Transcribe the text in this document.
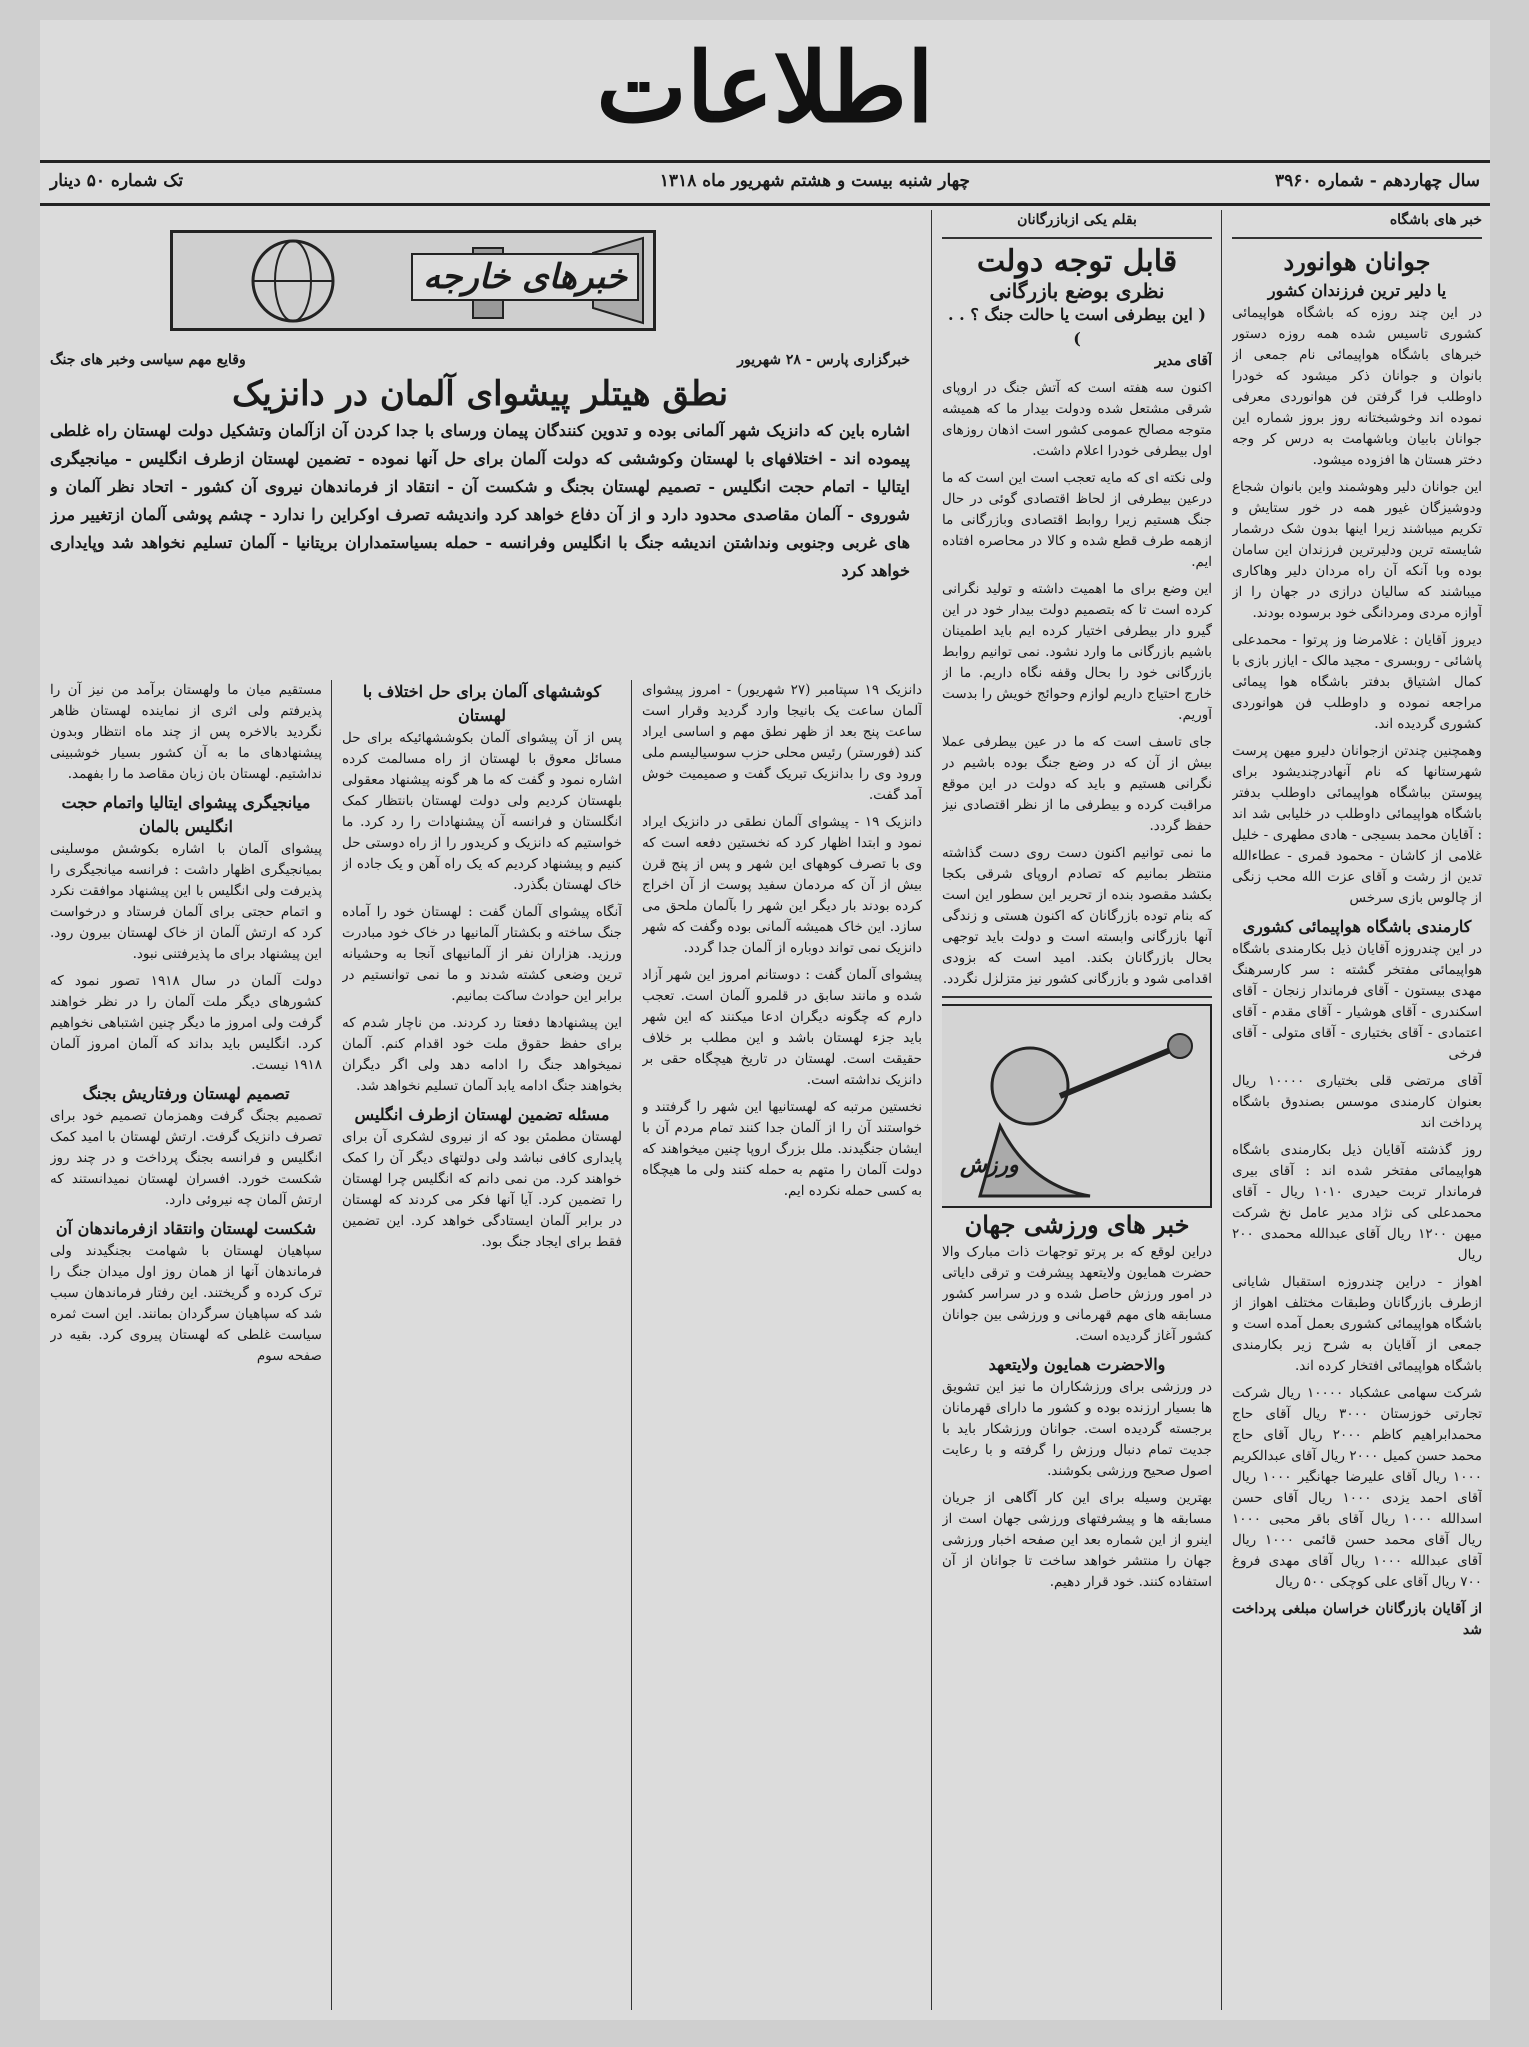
اطلاعات
سال چهاردهم - شماره ۳۹۶۰
چهار شنبه بیست و هشتم شهریور ماه ۱۳۱۸
تک شماره ۵۰ دینار
خبر های باشگاه
جوانان هوانورد
یا دلیر ترین فرزندان کشور

در این چند روزه که باشگاه هواپیمائی کشوری تاسیس شده همه روزه دستور خبرهای باشگاه هواپیمائی نام جمعی از بانوان و جوانان ذکر میشود که خودرا داوطلب فرا گرفتن فن هوانوردی معرفی نموده اند وخوشبختانه روز بروز شماره این جوانان بابیان وباشهامت به درس کر وجه دختر هستان ها افزوده میشود.

این جوانان دلیر وهوشمند واین بانوان شجاع ودوشیزگان غیور همه در خور ستایش و تکریم میباشند زیرا اینها بدون شک درشمار شایسته ترین ودلیرترین فرزندان این سامان بوده وبا آنکه آن راه مردان دلیر وهاکاری میباشند که سالیان درازی در جهان را از آوازه مردی ومردانگی خود برسوده بودند.

دیروز آقایان : غلامرضا وز پرتوا - محمدعلی پاشائی - روبسری - مجید مالک - ایازر بازی با کمال اشتیاق بدفتر باشگاه هوا پیمائی مراجعه نموده و داوطلب فن هوانوردی کشوری گردیده اند.

وهمچنین چندتن ازجوانان دلیرو میهن پرست شهرستانها که نام آنهادرچندیشود برای پیوستن بباشگاه هواپیمائی داوطلب بدفتر باشگاه هواپیمائی داوطلب در خلیابی شد اند : آقایان محمد بسیجی - هادی مطهری - خلیل غلامی از کاشان - محمود قمری - عطاءالله تدین از رشت و آقای عزت الله محب زنگی از چالوس بازی سرخس

کارمندی باشگاه هواپیمائی کشوری

در این چندروزه آقایان ذیل بکارمندی باشگاه هواپیمائی مفتخر گشته : سر کارسرهنگ مهدی بیستون - آقای فرماندار زنجان - آقای اسکندری - آقای هوشیار - آقای مقدم - آقای اعتمادی - آقای بختیاری - آقای متولی - آقای فرخی

آقای مرتضی قلی بختیاری ۱۰۰۰۰ ریال بعنوان کارمندی موسس بصندوق باشگاه پرداخت اند

روز گذشته آقایان ذیل بکارمندی باشگاه هواپیمائی مفتخر شده اند : آقای بیری فرماندار تربت حیدری ۱۰۱۰ ریال - آقای محمدعلی کی نژاد مدیر عامل نخ شرکت میهن ۱۲۰۰ ریال آقای عبدالله محمدی ۲۰۰ ریال

اهواز - دراین چندروزه استقبال شایانی ازطرف بازرگانان وطبقات مختلف اهواز از باشگاه هواپیمائی کشوری بعمل آمده است و جمعی از آقایان به شرح زیر بکارمندی باشگاه هواپیمائی افتخار کرده اند.

شرکت سهامی عشکباد ۱۰۰۰۰ ریال شرکت تجارتی خوزستان ۳۰۰۰ ریال آقای حاج محمدابراهیم کاظم ۲۰۰۰ ریال آقای حاج محمد حسن کمیل ۲۰۰۰ ریال آقای عبدالکریم ۱۰۰۰ ریال آقای علیرضا جهانگیر ۱۰۰۰ ریال آقای احمد یزدی ۱۰۰۰ ریال آقای حسن اسدالله ۱۰۰۰ ریال آقای باقر محبی ۱۰۰۰ ریال آقای محمد حسن قائمی ۱۰۰۰ ریال آقای عبدالله ۱۰۰۰ ریال آقای مهدی فروغ ۷۰۰ ریال آقای علی کوچکی ۵۰۰ ریال

از آقایان بازرگانان خراسان مبلغی پرداخت شد

بقلم یکی ازبازرگانان
قابل توجه دولت
نظری بوضع بازرگانی
( این بیطرفی است یا حالت جنگ ؟ . . )

آقای مدیر

اکنون سه هفته است که آتش جنگ در اروپای شرقی مشتعل شده ودولت بیدار ما که همیشه متوجه مصالح عمومی کشور است اذهان روزهای اول بیطرفی خودرا اعلام داشت.

ولی نکته ای که مایه تعجب است این است که ما درعین بیطرفی از لحاظ اقتصادی گوئی در حال جنگ هستیم زیرا روابط اقتصادی وبازرگانی ما ازهمه طرف قطع شده و کالا در محاصره افتاده ایم.

این وضع برای ما اهمیت داشته و تولید نگرانی کرده است تا که بتصمیم دولت بیدار خود در این گیرو دار بیطرفی اختیار کرده ایم باید اطمینان باشیم بازرگانی ما وارد نشود. نمی توانیم روابط بازرگانی خود را بحال وقفه نگاه داریم. ما از خارج احتیاج داریم لوازم وحوائج خویش را بدست آوریم.

جای تاسف است که ما در عین بیطرفی عملا بیش از آن که در وضع جنگ بوده باشیم در نگرانی هستیم و باید که دولت در این موقع مراقبت کرده و بیطرفی ما از نظر اقتصادی نیز حفظ گردد.

ما نمی توانیم اکنون دست روی دست گذاشته منتظر بمانیم که تصادم اروپای شرقی بکجا بکشد مقصود بنده از تحریر این سطور این است که بنام توده بازرگانان که اکنون هستی و زندگی آنها بازرگانی وابسته است و دولت باید توجهی بحال بازرگانان بکند. امید است که بزودی اقدامی شود و بازرگانی کشور نیز متزلزل نگردد.

ورزش
خبر های ورزشی جهان

دراین لوقع که بر پرتو توجهات ذات مبارک والا حضرت همایون ولایتعهد پیشرفت و ترقی دایاتی در امور ورزش حاصل شده و در سراسر کشور مسابقه های مهم قهرمانی و ورزشی بین جوانان کشور آغاز گردیده است.

والاحضرت همایون ولایتعهد

در ورزشی برای ورزشکاران ما نیز این تشویق ها بسیار ارزنده بوده و کشور ما دارای قهرمانان برجسته گردیده است. جوانان ورزشکار باید با جدیت تمام دنبال ورزش را گرفته و با رعایت اصول صحیح ورزشی بکوشند.

بهترین وسیله برای این کار آگاهی از جریان مسابقه ها و پیشرفتهای ورزشی جهان است از اینرو از این شماره بعد این صفحه اخبار ورزشی جهان را منتشر خواهد ساخت تا جوانان از آن استفاده کنند. خود قرار دهیم.

خبرهای خارجه
خبرگزاری پارس - ۲۸ شهریور
وقایع مهم سیاسی وخبر های جنگ
نطق هیتلر پیشوای آلمان در دانزیک
اشاره باین که دانزیک شهر آلمانی بوده و تدوین کنندگان پیمان ورسای با جدا کردن آن ازآلمان وتشکیل دولت لهستان راه غلطی پیموده اند - اختلافهای با لهستان وکوششی که دولت آلمان برای حل آنها نموده - تضمین لهستان ازطرف انگلیس - میانجیگری ایتالیا - اتمام حجت انگلیس - تصمیم لهستان بجنگ و شکست آن - انتقاد از فرماندهان نیروی آن کشور - اتحاد نظر آلمان و شوروی - آلمان مقاصدی محدود دارد و از آن دفاع خواهد کرد واندیشه تصرف اوکراین را ندارد - چشم پوشی آلمان ازتغییر مرز های غربی وجنوبی ونداشتن اندیشه جنگ با انگلیس وفرانسه - حمله بسیاستمداران بریتانیا - آلمان تسلیم نخواهد شد وپایداری خواهد کرد

دانزیک ۱۹ سپتامبر (۲۷ شهریور) - امروز پیشوای آلمان ساعت یک بانیجا وارد گردید وقرار است ساعت پنج بعد از ظهر نطق مهم و اساسی ایراد کند (فورستر) رئیس محلی حزب سوسیالیسم ملی ورود وی را بدانزیک تبریک گفت و صمیمیت خوش آمد گفت.

دانزیک ۱۹ - پیشوای آلمان نطقی در دانزیک ایراد نمود و ابتدا اظهار کرد که نخستین دفعه است که وی با تصرف کوههای این شهر و پس از پنج قرن بیش از آن که مردمان سفید پوست از آن اخراج کرده بودند بار دیگر این شهر را بآلمان ملحق می سازد. این خاک همیشه آلمانی بوده وگفت که شهر دانزیک نمی تواند دوباره از آلمان جدا گردد.

پیشوای آلمان گفت : دوستانم امروز این شهر آزاد شده و مانند سابق در قلمرو آلمان است. تعجب دارم که چگونه دیگران ادعا میکنند که این شهر باید جزء لهستان باشد و این مطلب بر خلاف حقیقت است. لهستان در تاریخ هیچگاه حقی بر دانزیک نداشته است.

نخستین مرتبه که لهستانیها این شهر را گرفتند و خواستند آن را از آلمان جدا کنند تمام مردم آن با ایشان جنگیدند. ملل بزرگ اروپا چنین میخواهند که دولت آلمان را متهم به حمله کنند ولی ما هیچگاه به کسی حمله نکرده ایم.

کوششهای آلمان برای حل اختلاف با لهستان

پس از آن پیشوای آلمان بکوششهائیکه برای حل مسائل معوق با لهستان از راه مسالمت کرده اشاره نمود و گفت که ما هر گونه پیشنهاد معقولی بلهستان کردیم ولی دولت لهستان بانتظار کمک انگلستان و فرانسه آن پیشنهادات را رد کرد. ما خواستیم که دانزیک و کریدور را از راه دوستی حل کنیم و پیشنهاد کردیم که یک راه آهن و یک جاده از خاک لهستان بگذرد.

آنگاه پیشوای آلمان گفت : لهستان خود را آماده جنگ ساخته و بکشتار آلمانیها در خاک خود مبادرت ورزید. هزاران نفر از آلمانیهای آنجا به وحشیانه ترین وضعی کشته شدند و ما نمی توانستیم در برابر این حوادث ساکت بمانیم.

این پیشنهادها دفعتا رد کردند. من ناچار شدم که برای حفظ حقوق ملت خود اقدام کنم. آلمان نمیخواهد جنگ را ادامه دهد ولی اگر دیگران بخواهند جنگ ادامه یابد آلمان تسلیم نخواهد شد.

مسئله تضمین لهستان ازطرف انگلیس

لهستان مطمئن بود که از نیروی لشکری آن برای پایداری کافی نباشد ولی دولتهای دیگر آن را کمک خواهند کرد. من نمی دانم که انگلیس چرا لهستان را تضمین کرد. آیا آنها فکر می کردند که لهستان در برابر آلمان ایستادگی خواهد کرد. این تضمین فقط برای ایجاد جنگ بود.

مستقیم میان ما ولهستان برآمد من نیز آن را پذیرفتم ولی اثری از نماینده لهستان ظاهر نگردید بالاخره پس از چند ماه انتظار وبدون پیشنهادهای ما به آن کشور بسیار خوشبینی نداشتیم. لهستان بان زبان مقاصد ما را بفهمد.

میانجیگری پیشوای ایتالیا واتمام حجت انگلیس بالمان

پیشوای آلمان با اشاره بکوشش موسلینی بمیانجیگری اظهار داشت : فرانسه میانجیگری را پذیرفت ولی انگلیس با این پیشنهاد موافقت نکرد و اتمام حجتی برای آلمان فرستاد و درخواست کرد که ارتش آلمان از خاک لهستان بیرون رود. این پیشنهاد برای ما پذیرفتنی نبود.

دولت آلمان در سال ۱۹۱۸ تصور نمود که کشورهای دیگر ملت آلمان را در نظر خواهند گرفت ولی امروز ما دیگر چنین اشتباهی نخواهیم کرد. انگلیس باید بداند که آلمان امروز آلمان ۱۹۱۸ نیست.

تصمیم لهستان ورفتاریش بجنگ

تصمیم بجنگ گرفت وهمزمان تصمیم خود برای تصرف دانزیک گرفت. ارتش لهستان با امید کمک انگلیس و فرانسه بجنگ پرداخت و در چند روز شکست خورد. افسران لهستان نمیدانستند که ارتش آلمان چه نیروئی دارد.

شکست لهستان وانتقاد ازفرماندهان آن

سپاهیان لهستان با شهامت بجنگیدند ولی فرماندهان آنها از همان روز اول میدان جنگ را ترک کرده و گریختند. این رفتار فرماندهان سبب شد که سپاهیان سرگردان بمانند. این است ثمره سیاست غلطی که لهستان پیروی کرد. بقیه در صفحه سوم
